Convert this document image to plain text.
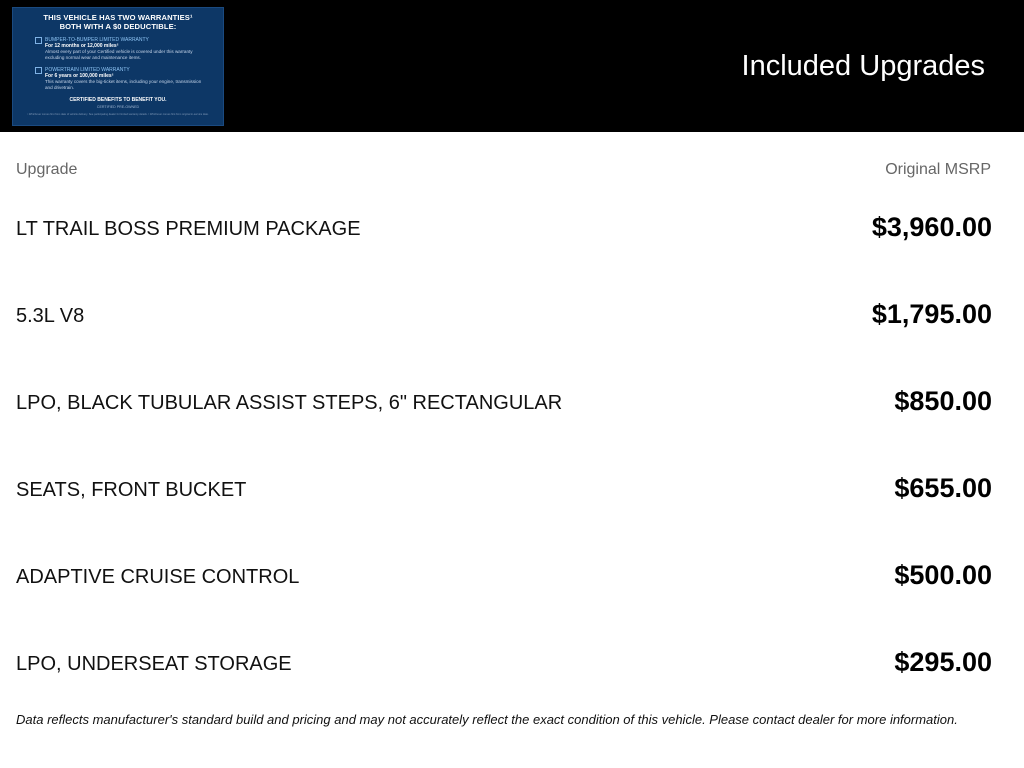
THIS VEHICLE HAS TWO WARRANTIES¹
BOTH WITH A $0 DEDUCTIBLE:
BUMPER-TO-BUMPER LIMITED WARRANTY
For 12 months or 12,000 miles²
Almost every part of your Certified vehicle is covered under this warranty excluding normal wear and maintenance items.
POWERTRAIN LIMITED WARRANTY
For 6 years or 100,000 miles²
This warranty covers the big-ticket items, including your engine, transmission and drivetrain.
CERTIFIED BENEFITS TO BENEFIT YOU.
CERTIFIED PRE-OWNED
¹ Whichever comes first from date of vehicle delivery. See participating dealer for limited warranty details. ² Whichever comes first from original in-service date.
Included Upgrades
Upgrade	Original MSRP
LT TRAIL BOSS PREMIUM PACKAGE	$3,960.00
5.3L V8	$1,795.00
LPO, BLACK TUBULAR ASSIST STEPS, 6" RECTANGULAR	$850.00
SEATS, FRONT BUCKET	$655.00
ADAPTIVE CRUISE CONTROL	$500.00
LPO, UNDERSEAT STORAGE	$295.00
Data reflects manufacturer's standard build and pricing and may not accurately reflect the exact condition of this vehicle. Please contact dealer for more information.
